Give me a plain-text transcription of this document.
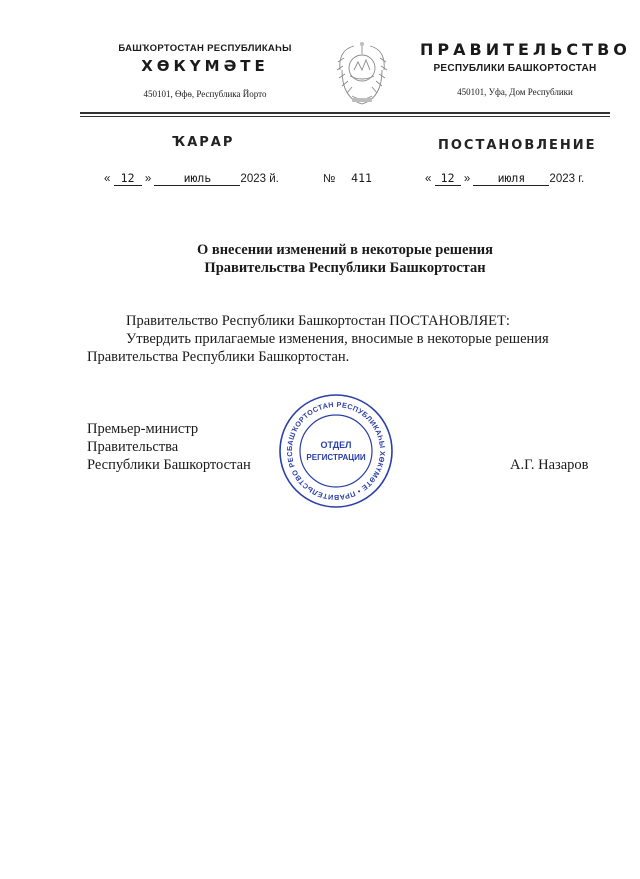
БАШҠОРТОСТАН РЕСПУБЛИКАҺЫ
ХӨКҮМӘТЕ
450101, Өфө, Республика Йорто
ПРАВИТЕЛЬСТВО
РЕСПУБЛИКИ БАШКОРТОСТАН
450101, Уфа, Дом Республики
ҠАРАР	ПОСТАНОВЛЕНИЕ
« 12 »	июль	2023 й.	№ 411	« 12 » июля 2023 г.
О внесении изменений в некоторые решения
Правительства Республики Башкортостан
Правительство Республики Башкортостан ПОСТАНОВЛЯЕТ:
Утвердить прилагаемые изменения, вносимые в некоторые решения
Правительства Республики Башкортостан.
Премьер-министр
Правительства
Республики Башкортостан	А.Г. Назаров
БАШҠОРТОСТАН РЕСПУБЛИКАҺЫ ХӨКҮМӘТЕ • ПРАВИТЕЛЬСТВО РЕС
ОТДЕЛ
РЕГИСТРАЦИИ
